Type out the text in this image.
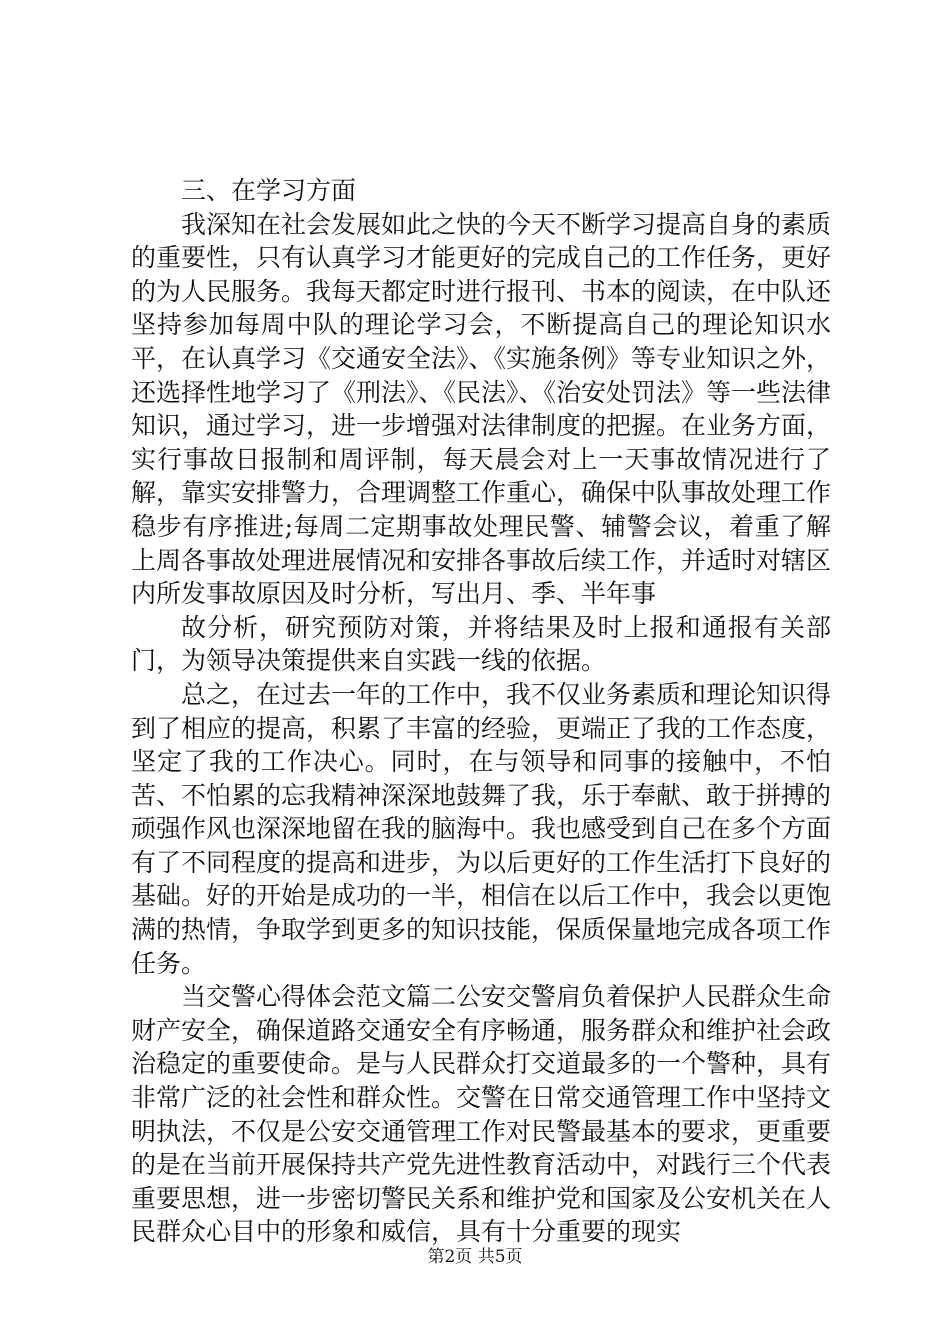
三、在学习方面

我深知在社会发展如此之快的今天不断学习提高自身的素质的重要性，只有认真学习才能更好的完成自己的工作任务，更好的为人民服务。我每天都定时进行报刊、书本的阅读，在中队还坚持参加每周中队的理论学习会，不断提高自己的理论知识水平，在认真学习《交通安全法》、《实施条例》等专业知识之外，还选择性地学习了《刑法》、《民法》、《治安处罚法》等一些法律知识，通过学习，进一步增强对法律制度的把握。在业务方面，实行事故日报制和周评制，每天晨会对上一天事故情况进行了解，靠实安排警力，合理调整工作重心，确保中队事故处理工作稳步有序推进;每周二定期事故处理民警、辅警会议，着重了解上周各事故处理进展情况和安排各事故后续工作，并适时对辖区内所发事故原因及时分析，写出月、季、半年事

故分析，研究预防对策，并将结果及时上报和通报有关部门，为领导决策提供来自实践一线的依据。

总之，在过去一年的工作中，我不仅业务素质和理论知识得到了相应的提高，积累了丰富的经验，更端正了我的工作态度，坚定了我的工作决心。同时，在与领导和同事的接触中，不怕苦、不怕累的忘我精神深深地鼓舞了我，乐于奉献、敢于拼搏的顽强作风也深深地留在我的脑海中。我也感受到自己在多个方面有了不同程度的提高和进步，为以后更好的工作生活打下良好的基础。好的开始是成功的一半，相信在以后工作中，我会以更饱满的热情，争取学到更多的知识技能，保质保量地完成各项工作任务。

当交警心得体会范文篇二公安交警肩负着保护人民群众生命财产安全，确保道路交通安全有序畅通，服务群众和维护社会政治稳定的重要使命。是与人民群众打交道最多的一个警种，具有非常广泛的社会性和群众性。交警在日常交通管理工作中坚持文明执法，不仅是公安交通管理工作对民警最基本的要求，更重要的是在当前开展保持共产党先进性教育活动中，对践行三个代表重要思想，进一步密切警民关系和维护党和国家及公安机关在人民群众心目中的形象和威信，具有十分重要的现实

第2页 共5页
